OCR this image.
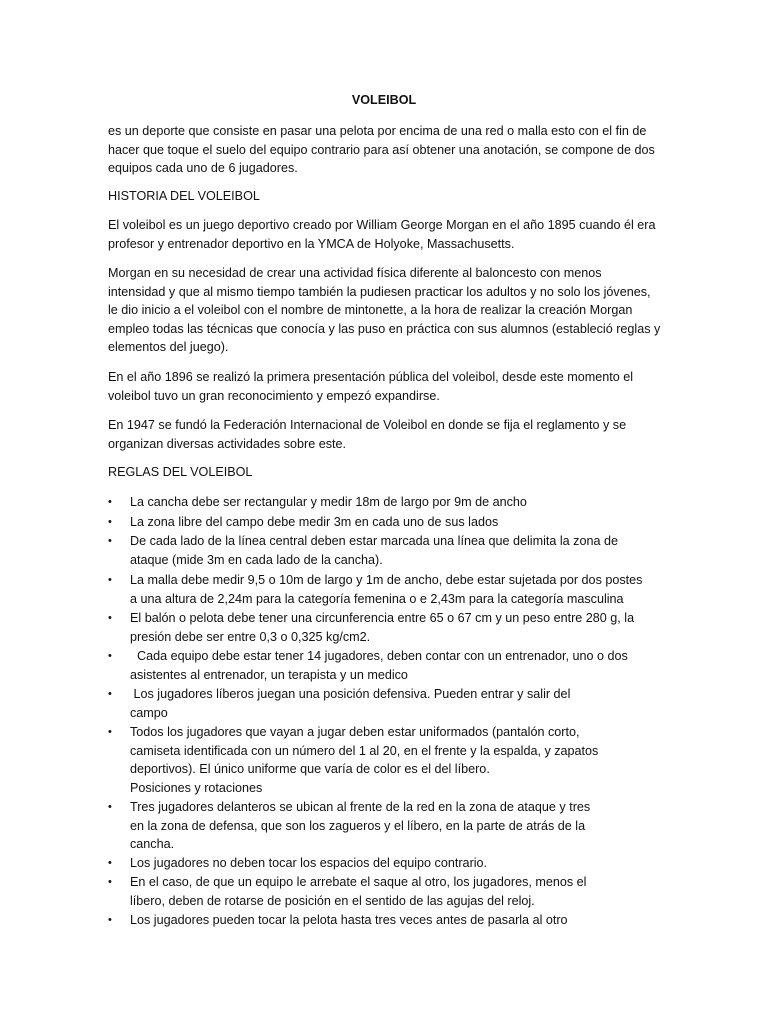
VOLEIBOL
es un deporte que consiste en pasar una pelota por encima de una red o malla esto con el fin de
hacer que toque el suelo del equipo contrario para así obtener una anotación, se compone de dos
equipos cada uno de 6 jugadores.
HISTORIA DEL VOLEIBOL
El voleibol es un juego deportivo creado por William George Morgan en el año 1895 cuando él era
profesor y entrenador deportivo en la YMCA de Holyoke, Massachusetts.
Morgan en su necesidad de crear una actividad física diferente al baloncesto con menos
intensidad y que al mismo tiempo también la pudiesen practicar los adultos y no solo los jóvenes,
le dio inicio a el voleibol con el nombre de mintonette, a la hora de realizar la creación Morgan
empleo todas las técnicas que conocía y las puso en práctica con sus alumnos (estableció reglas y
elementos del juego).
En el año 1896 se realizó la primera presentación pública del voleibol, desde este momento el
voleibol tuvo un gran reconocimiento y empezó expandirse.
En 1947 se fundó la Federación Internacional de Voleibol en donde se fija el reglamento y se
organizan diversas actividades sobre este.
REGLAS DEL VOLEIBOL
• La cancha debe ser rectangular y medir 18m de largo por 9m de ancho
• La zona libre del campo debe medir 3m en cada uno de sus lados
• De cada lado de la línea central deben estar marcada una línea que delimita la zona de
ataque (mide 3m en cada lado de la cancha).
• La malla debe medir 9,5 o 10m de largo y 1m de ancho, debe estar sujetada por dos postes
a una altura de 2,24m para la categoría femenina o e 2,43m para la categoría masculina
• El balón o pelota debe tener una circunferencia entre 65 o 67 cm y un peso entre 280 g, la
presión debe ser entre 0,3 o 0,325 kg/cm2.
• Cada equipo debe estar tener 14 jugadores, deben contar con un entrenador, uno o dos
asistentes al entrenador, un terapista y un medico
• Los jugadores líberos juegan una posición defensiva. Pueden entrar y salir del
campo
• Todos los jugadores que vayan a jugar deben estar uniformados (pantalón corto,
camiseta identificada con un número del 1 al 20, en el frente y la espalda, y zapatos
deportivos). El único uniforme que varía de color es el del líbero.
Posiciones y rotaciones
• Tres jugadores delanteros se ubican al frente de la red en la zona de ataque y tres
en la zona de defensa, que son los zagueros y el líbero, en la parte de atrás de la
cancha.
• Los jugadores no deben tocar los espacios del equipo contrario.
• En el caso, de que un equipo le arrebate el saque al otro, los jugadores, menos el
líbero, deben de rotarse de posición en el sentido de las agujas del reloj.
• Los jugadores pueden tocar la pelota hasta tres veces antes de pasarla al otro
